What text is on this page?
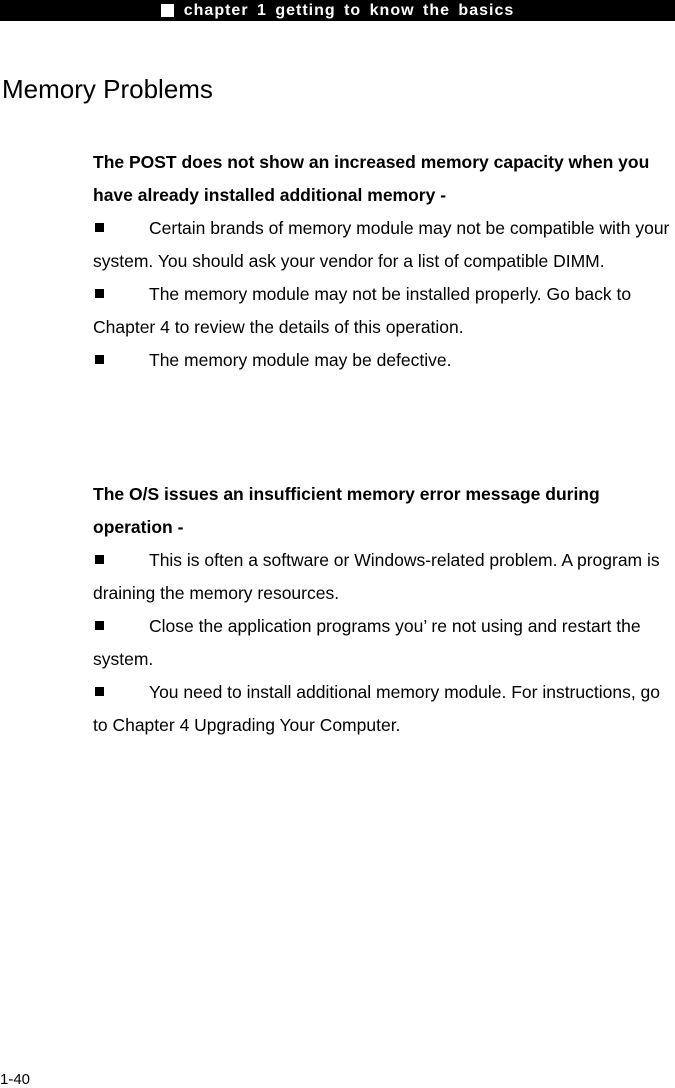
chapter 1 getting to know the basics
Memory Problems

The POST does not show an increased memory capacity when you have already installed additional memory -

Certain brands of memory module may not be compatible with your system. You should ask your vendor for a list of compatible DIMM.
The memory module may not be installed properly. Go back to Chapter 4 to review the details of this operation.
The memory module may be defective.

The O/S issues an insufficient memory error message during operation -

This is often a software or Windows-related problem. A program is draining the memory resources.
Close the application programs you’ re not using and restart the system.
You need to install additional memory module. For instructions, go to Chapter 4 Upgrading Your Computer.
1-40
